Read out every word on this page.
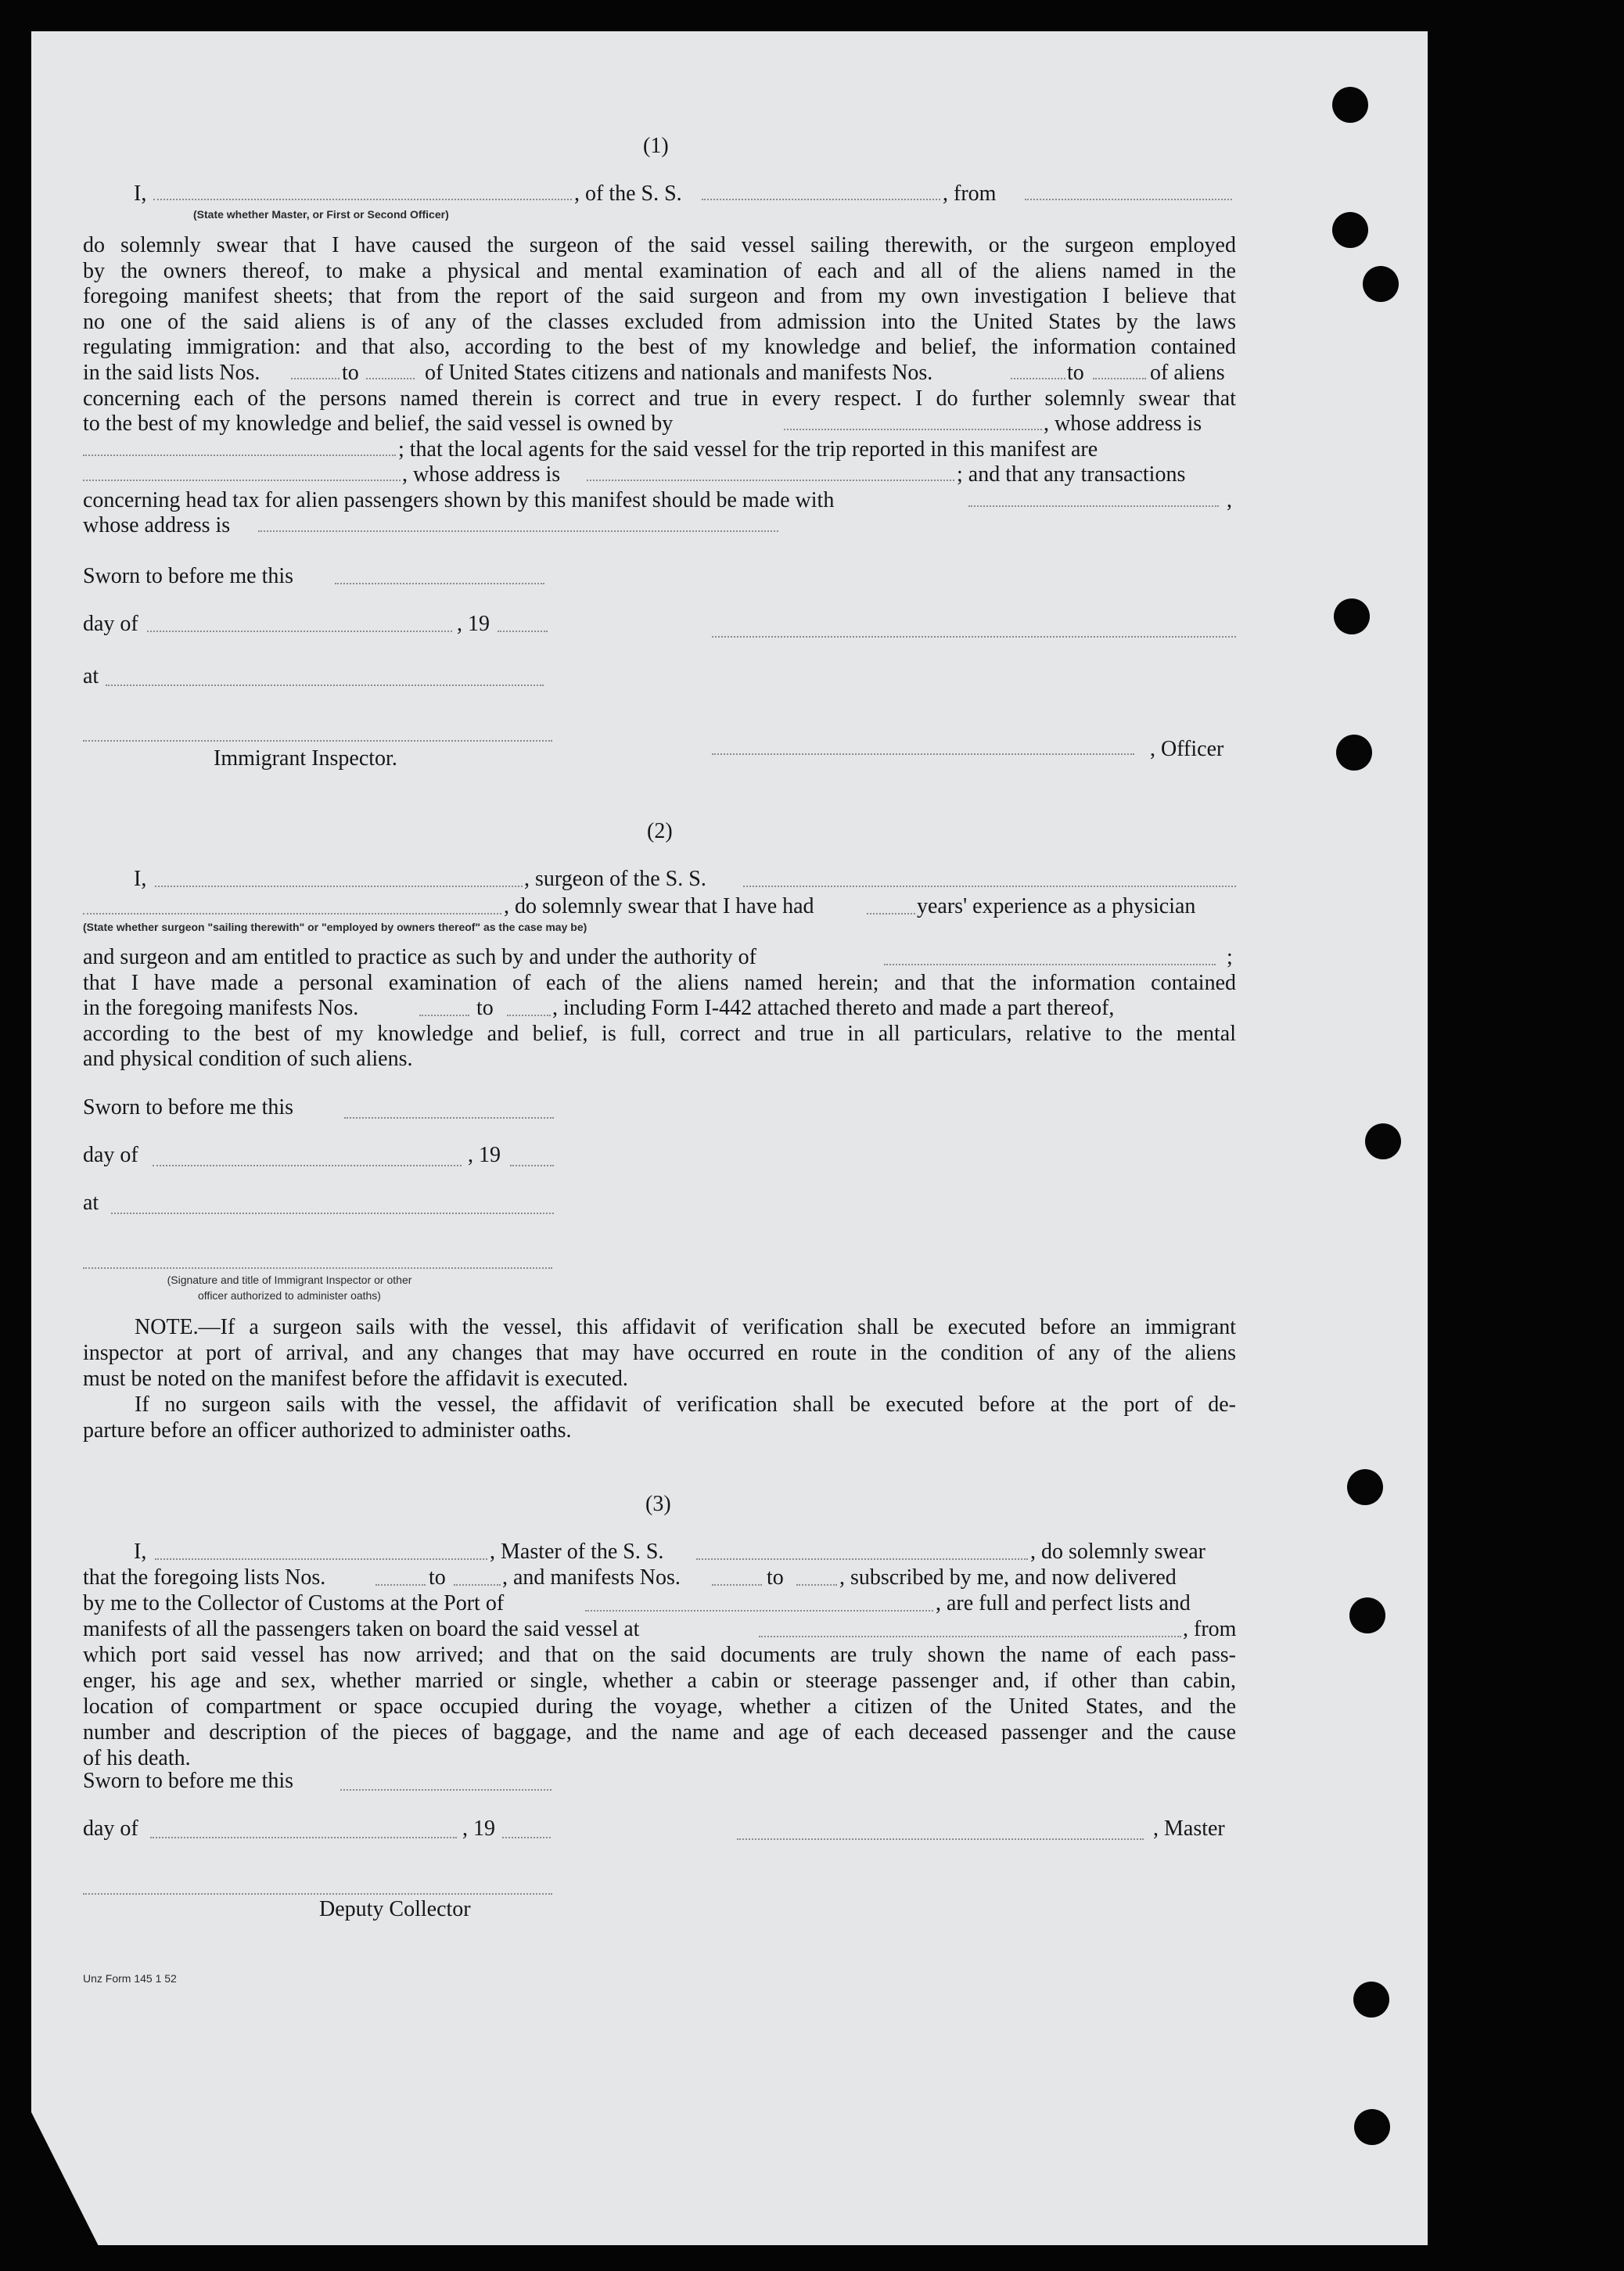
(1)
I,	, of the S. S.	, from
(State whether Master, or First or Second Officer)
do solemnly swear that I have caused the surgeon of the said vessel sailing therewith, or the surgeon employed
by the owners thereof, to make a physical and mental examination of each and all of the aliens named in the
foregoing manifest sheets; that from the report of the said surgeon and from my own investigation I believe that
no one of the said aliens is of any of the classes excluded from admission into the United States by the laws
regulating immigration: and that also, according to the best of my knowledge and belief, the information contained
in the said lists Nos.	to	of United States citizens and nationals and manifests Nos.	to	of aliens
concerning each of the persons named therein is correct and true in every respect. I do further solemnly swear that
to the best of my knowledge and belief, the said vessel is owned by	, whose address is
; that the local agents for the said vessel for the trip reported in this manifest are
, whose address is	; and that any transactions
concerning head tax for alien passengers shown by this manifest should be made with	,
whose address is
Sworn to before me this
day of	, 19
at
Immigrant Inspector.	, Officer
(2)
I,	, surgeon of the S. S.
, do solemnly swear that I have had	years' experience as a physician
(State whether surgeon "sailing therewith" or "employed by owners thereof" as the case may be)
and surgeon and am entitled to practice as such by and under the authority of	;
that I have made a personal examination of each of the aliens named herein; and that the information contained
in the foregoing manifests Nos.	to	, including Form I-442 attached thereto and made a part thereof,
according to the best of my knowledge and belief, is full, correct and true in all particulars, relative to the mental
and physical condition of such aliens.
Sworn to before me this
day of	, 19
at
(Signature and title of Immigrant Inspector or other
officer authorized to administer oaths)
NOTE.—If a surgeon sails with the vessel, this affidavit of verification shall be executed before an immigrant
inspector at port of arrival, and any changes that may have occurred en route in the condition of any of the aliens
must be noted on the manifest before the affidavit is executed.
If no surgeon sails with the vessel, the affidavit of verification shall be executed before at the port of de-
parture before an officer authorized to administer oaths.
(3)
I,	, Master of the S. S.	, do solemnly swear
that the foregoing lists Nos.	to	, and manifests Nos.	to	, subscribed by me, and now delivered
by me to the Collector of Customs at the Port of	, are full and perfect lists and
manifests of all the passengers taken on board the said vessel at	, from
which port said vessel has now arrived; and that on the said documents are truly shown the name of each pass-
enger, his age and sex, whether married or single, whether a cabin or steerage passenger and, if other than cabin,
location of compartment or space occupied during the voyage, whether a citizen of the United States, and the
number and description of the pieces of baggage, and the name and age of each deceased passenger and the cause
of his death.
Sworn to before me this
day of	, 19	, Master
Deputy Collector
Unz Form 145 1 52
